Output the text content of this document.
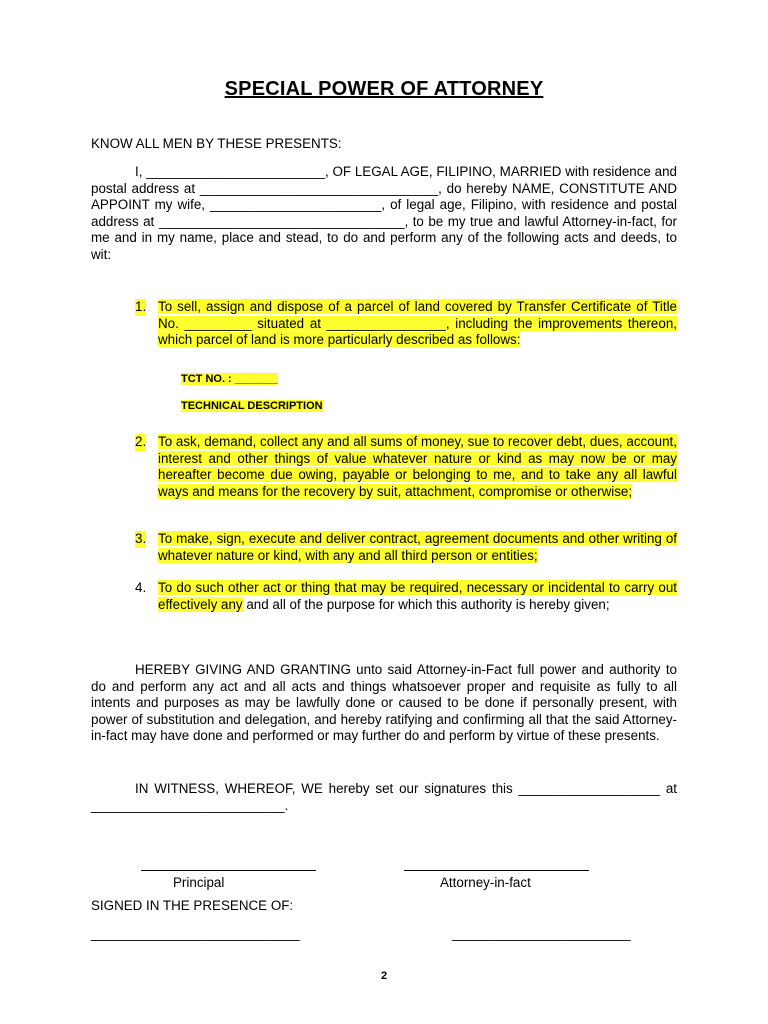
SPECIAL POWER OF ATTORNEY
KNOW ALL MEN BY THESE PRESENTS:
I, ________________________, OF LEGAL AGE, FILIPINO, MARRIED with residence and postal address at ________________________________, do hereby NAME, CONSTITUTE AND APPOINT my wife, _______________________, of legal age, Filipino, with residence and postal address at _________________________________, to be my true and lawful Attorney-in-fact, for me and in my name, place and stead, to do and perform any of the following acts and deeds, to wit:
1. To sell, assign and dispose of a parcel of land covered by Transfer Certificate of Title No. _________ situated at ________________, including the improvements thereon, which parcel of land is more particularly described as follows:
TCT NO. : _______
TECHNICAL DESCRIPTION
2. To ask, demand, collect any and all sums of money, sue to recover debt, dues, account, interest and other things of value whatever nature or kind as may now be or may hereafter become due owing, payable or belonging to me, and to take any all lawful ways and means for the recovery by suit, attachment, compromise or otherwise;
3. To make, sign, execute and deliver contract, agreement documents and other writing of whatever nature or kind, with any and all third person or entities;
4. To do such other act or thing that may be required, necessary or incidental to carry out effectively any and all of the purpose for which this authority is hereby given;
HEREBY GIVING AND GRANTING unto said Attorney-in-Fact full power and authority to do and perform any act and all acts and things whatsoever proper and requisite as fully to all intents and purposes as may be lawfully done or caused to be done if personally present, with power of substitution and delegation, and hereby ratifying and confirming all that the said Attorney-in-fact may have done and performed or may further do and perform by virtue of these presents.
IN WITNESS, WHEREOF, WE hereby set our signatures this ___________________ at __________________________.
Principal	Attorney-in-fact
SIGNED IN THE PRESENCE OF:
____________________________	________________________
2
